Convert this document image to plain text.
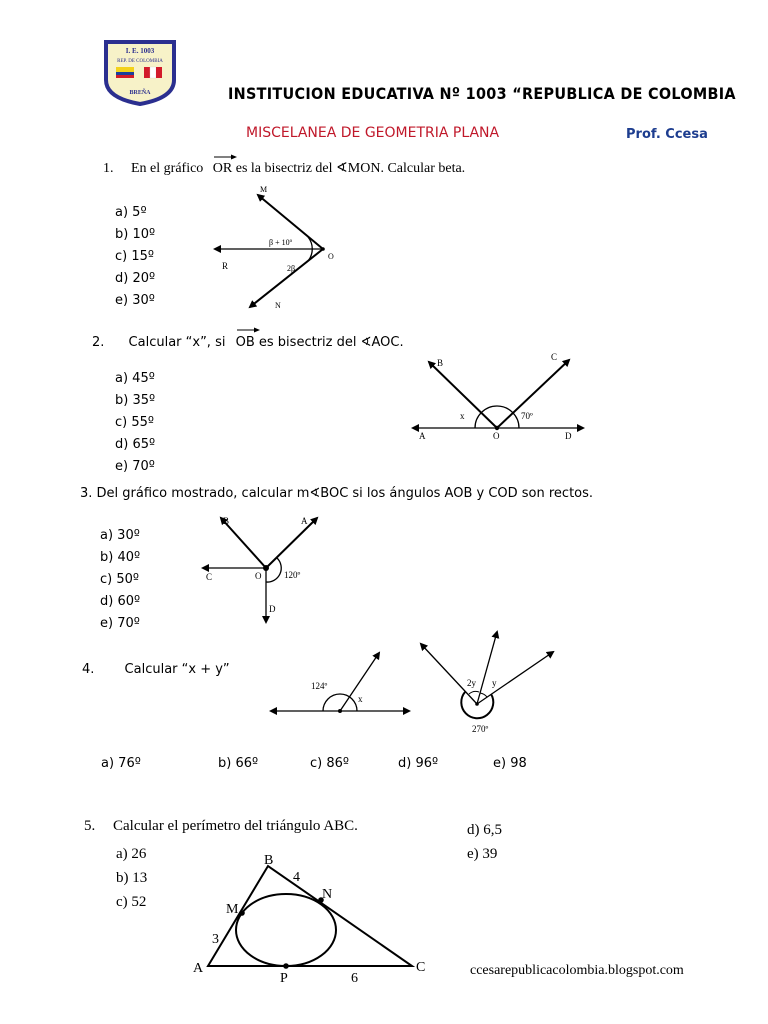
I. E. 1003
REP. DE COLOMBIA
BREÑA	INSTITUCION EDUCATIVA Nº 1003 “REPUBLICA DE COLOMBIA
MISCELANEA DE GEOMETRIA PLANA	Prof. Ccesa
1. En el gráfico OR es la bisectriz del ∢MON. Calcular beta.
a) 5º
b) 10º
c) 15º
d) 20º
e) 30º
M
R
N
O
β + 10º
2β
2. Calcular “x”, si OB es bisectriz del ∢AOC.
a) 45º
b) 35º
c) 55º
d) 65º
e) 70º
A
B
C
D
O
x	70º
3. Del gráfico mostrado, calcular m∢BOC si los ángulos AOB y COD son rectos.
a) 30º
b) 40º
c) 50º
d) 60º
e) 70º
B	A
C	O	120º
D
4. Calcular “x + y”
124º
x
2y y
270º
a) 76º	b) 66º	c) 86º	d) 96º	e) 98
5. Calcular el perímetro del triángulo ABC.
a) 26
b) 13
c) 52
d) 6,5
e) 39
B
A	C
M
N
P
3
4
6
ccesarepublicacolombia.blogspot.com
